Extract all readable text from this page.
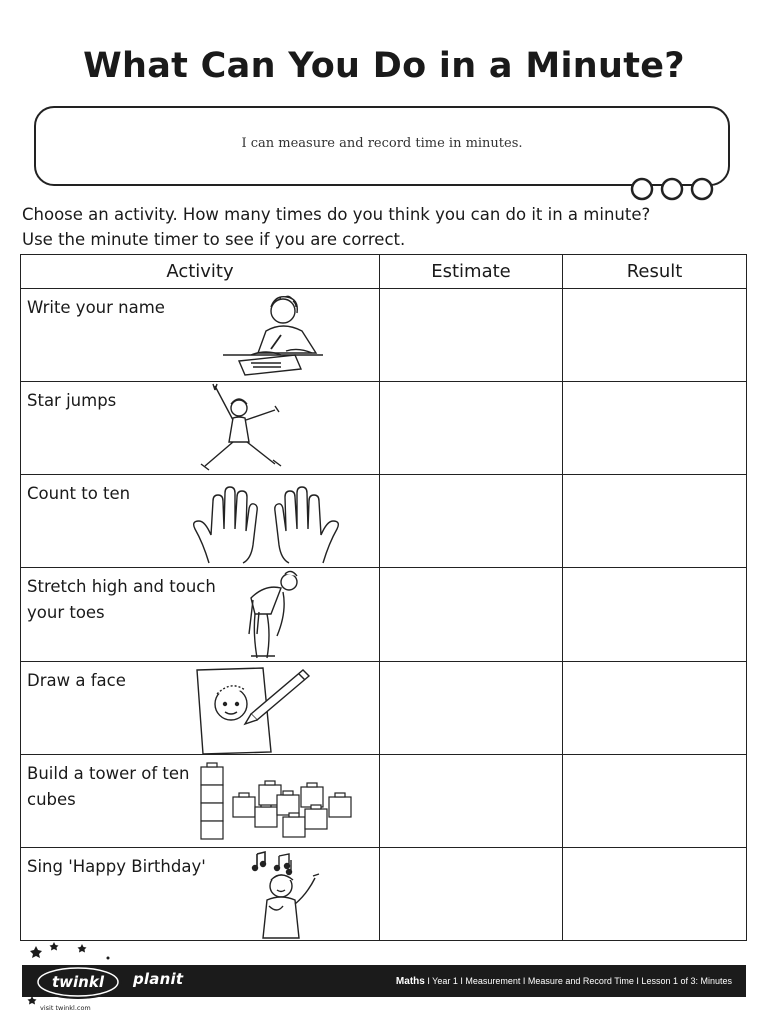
What Can You Do in a Minute?
I can measure and record time in minutes.
Choose an activity. How many times do you think you can do it in a minute?
Use the minute timer to see if you are correct.
Activity	Estimate	Result

Write your name		

Star jumps		

Count to ten		

Stretch high and touch your toes		

Draw a face		

Build a tower of ten cubes		

Sing 'Happy Birthday'		

Maths I Year 1 I Measurement I Measure and Record Time I Lesson 1 of 3: Minutes
twinkl planit
visit twinkl.com
